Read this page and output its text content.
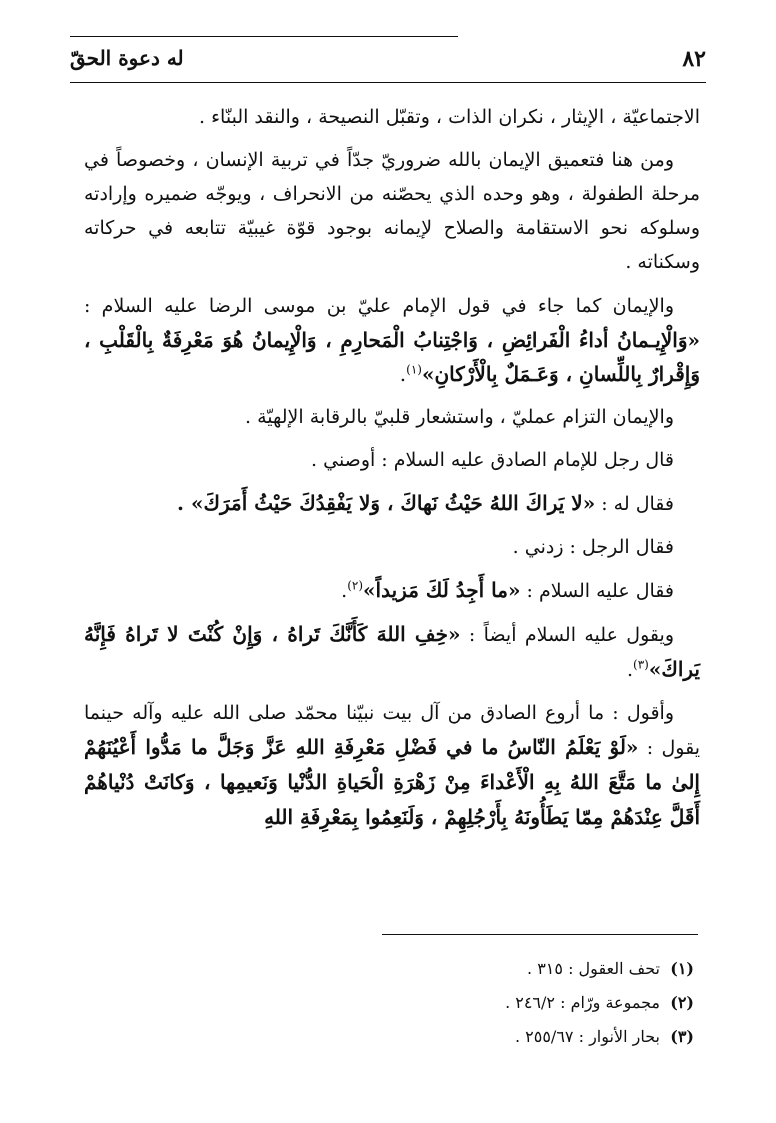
٨٢
له دعوة الحقّ

الاجتماعيّة ، الإيثار ، نكران الذات ، وتقبّل النصيحة ، والنقد البنّاء .

ومن هنا فتعميق الإيمان بالله ضروريّ جدّاً في تربية الإنسان ، وخصوصاً في مرحلة الطفولة ، وهو وحده الذي يحصّنه من الانحراف ، ويوجّه ضميره وإرادته وسلوكه نحو الاستقامة والصلاح لإيمانه بوجود قوّة غيبيّة تتابعه في حركاته وسكناته .

والإيمان كما جاء في قول الإمام عليّ بن موسى الرضا عليه السلام : «وَالْإِيـمانُ أداءُ الْفَرائِضِ ، وَاجْتِنابُ الْمَحارِمِ ، وَالْإِيمانُ هُوَ مَعْرِفَةٌ بِالْقَلْبِ ، وَإِقْرارٌ بِاللِّسانِ ، وَعَـمَلٌ بِالْأَرْكانِ»$^{(١)}$.

والإيمان التزام عمليّ ، واستشعار قلبيّ بالرقابة الإلهيّة .

قال رجل للإمام الصادق عليه السلام : أوصني .

فقال له : «لا يَراكَ اللهُ حَيْثُ نَهاكَ ، وَلا يَفْقِدُكَ حَيْثُ أَمَرَكَ» .

فقال الرجل : زدني .

فقال عليه السلام : «ما أَجِدُ لَكَ مَزيداً»$^{(٢)}$.

ويقول عليه السلام أيضاً : «خِفِ اللهَ كَأَنَّكَ تَراهُ ، وَإِنْ كُنْتَ لا تَراهُ فَإِنَّهُ يَراكَ»$^{(٣)}$.

وأقول : ما أروع الصادق من آل بيت نبيّنا محمّد صلى الله عليه وآله حينما يقول : «لَوْ يَعْلَمُ النّاسُ ما في فَضْلِ مَعْرِفَةِ اللهِ عَزَّ وَجَلَّ ما مَدُّوا أَعْيُنَهُمْ إِلىٰ ما مَتَّعَ اللهُ بِهِ الْأَعْداءَ مِنْ زَهْرَةِ الْحَياةِ الدُّنْيا وَنَعيمِها ، وَكانَتْ دُنْياهُمْ أَقَلَّ عِنْدَهُمْ مِمّا يَطَأُونَهُ بِأَرْجُلِهِمْ ، وَلَنَعِمُوا بِمَعْرِفَةِ اللهِ

(١)تحف العقول : ٣١٥ .
(٢)مجموعة ورّام : ٢٤٦/٢ .
(٣)بحار الأنوار : ٢٥٥/٦٧ .
